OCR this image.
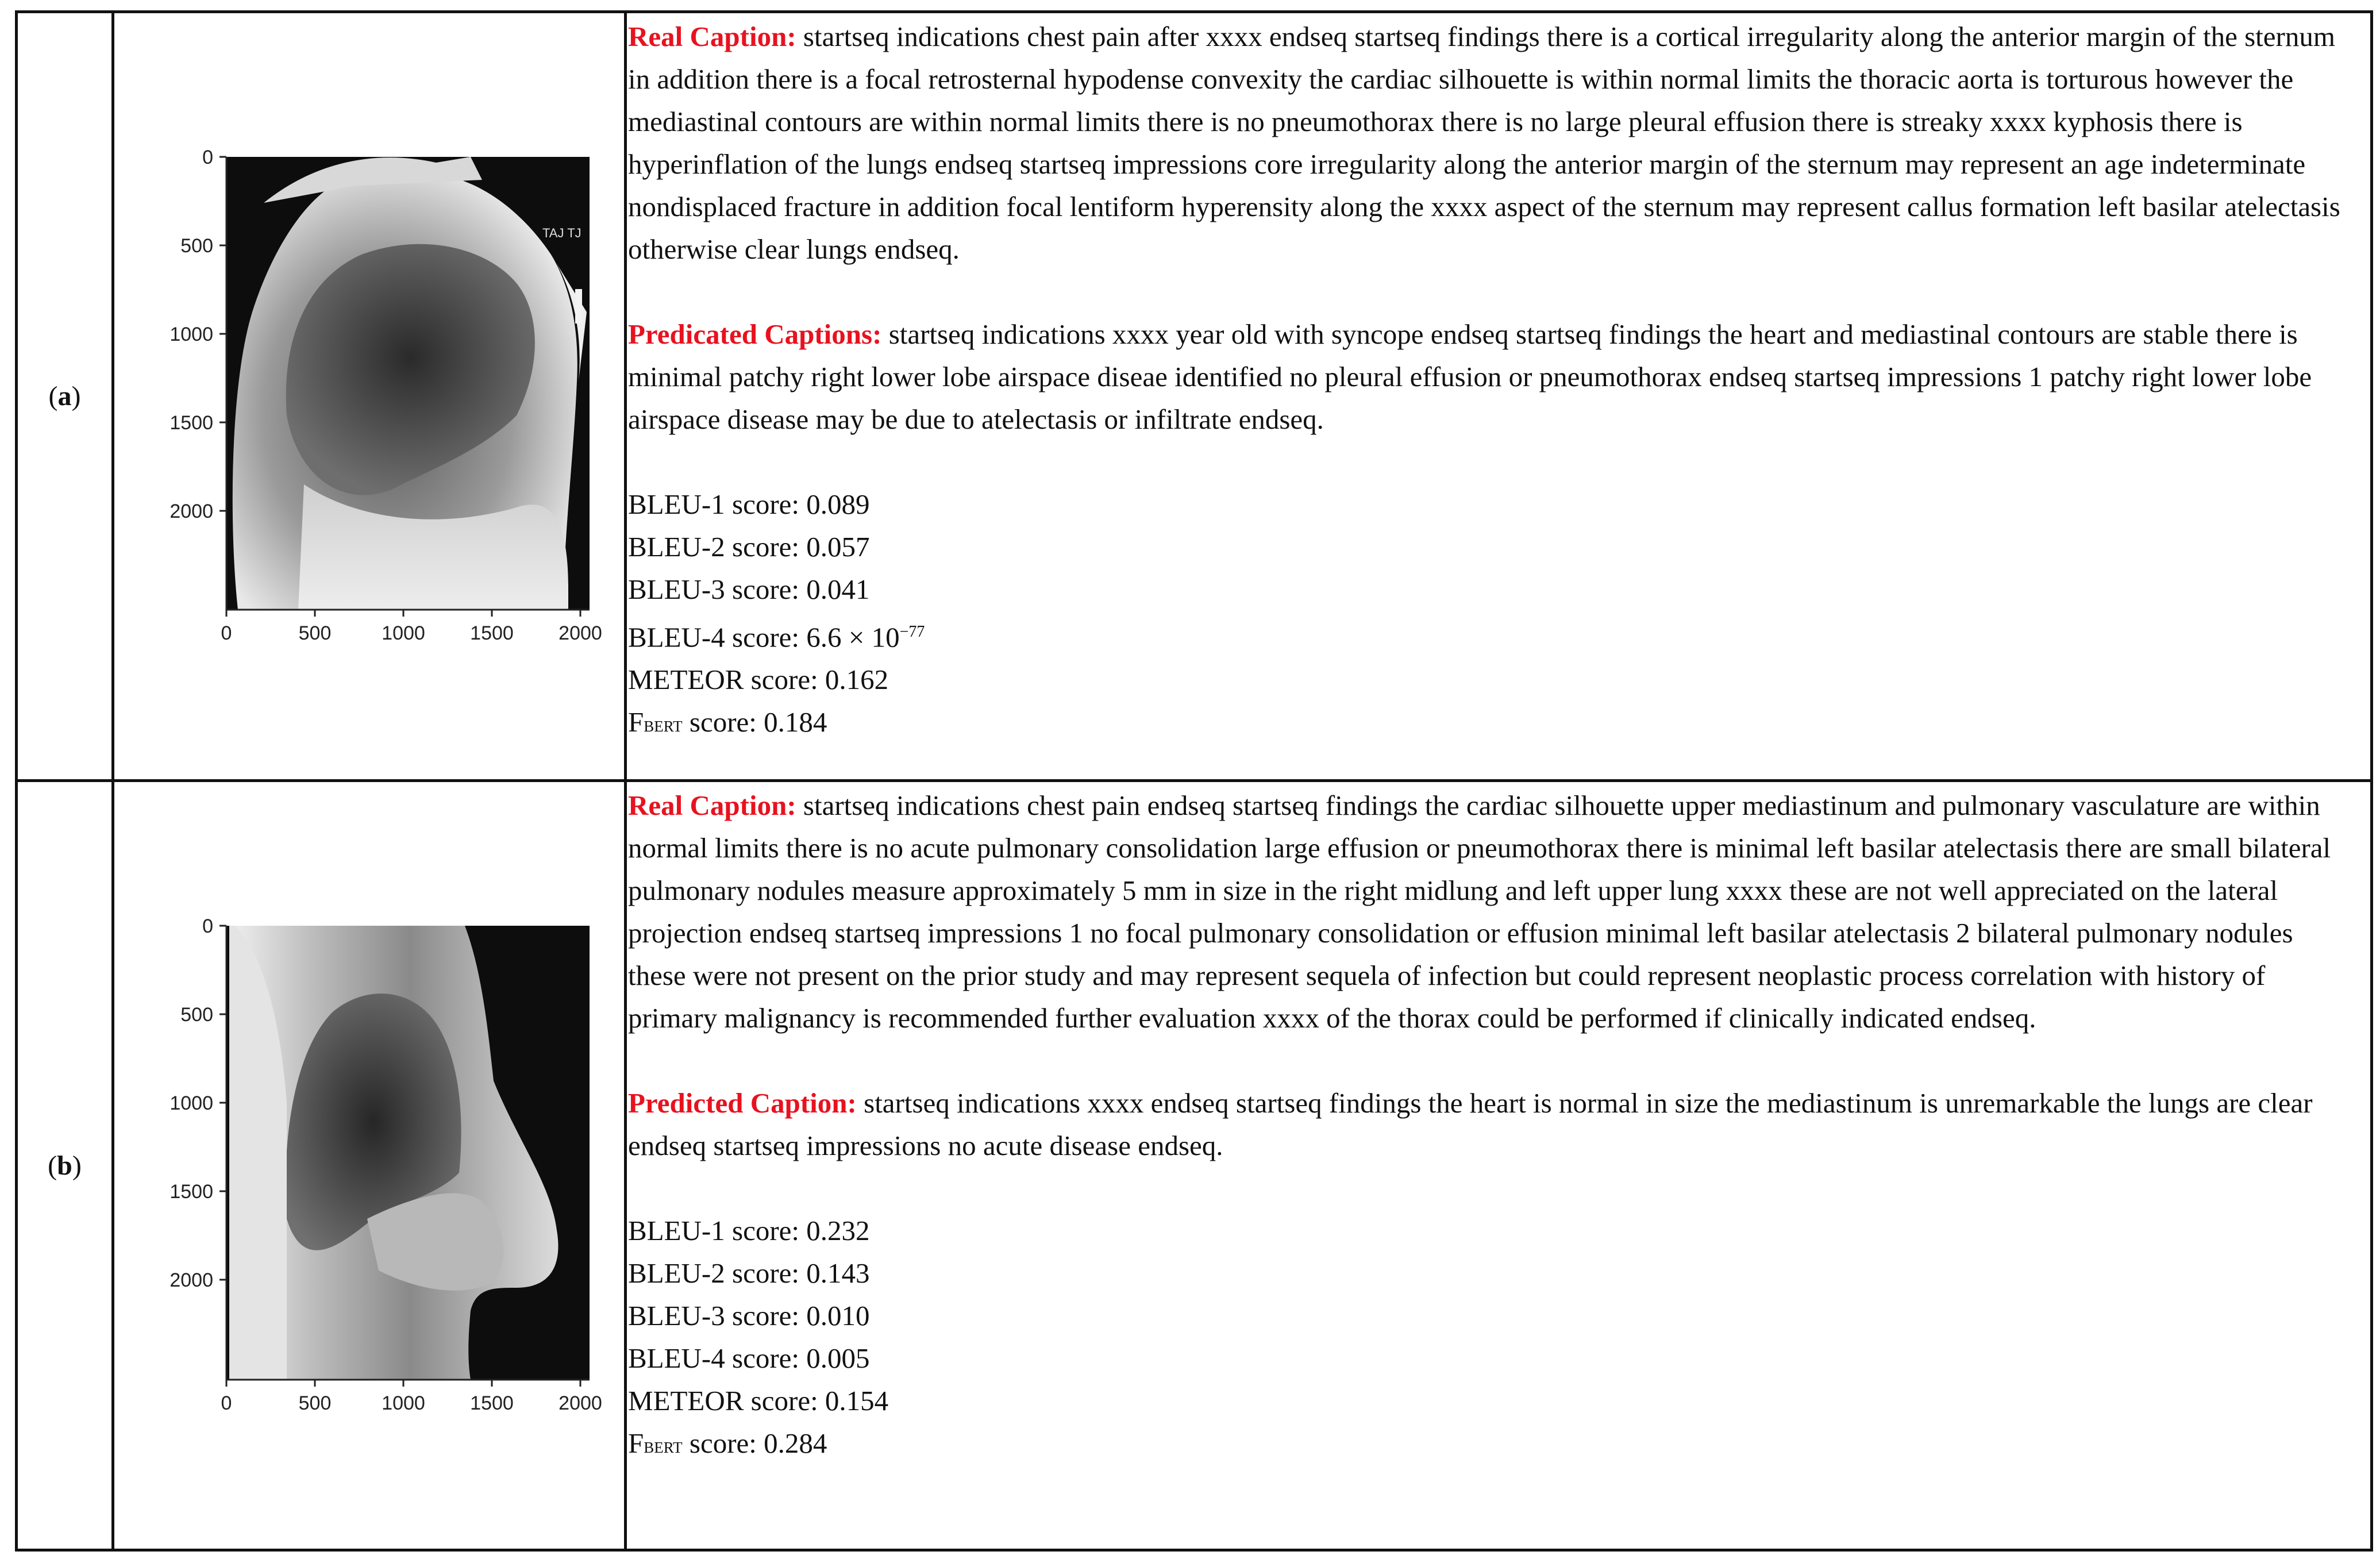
( a )
TAJ TJ
0
500
1000
1500
2000
0	500	1000 1500 2000

Real Caption: startseq indications chest pain after xxxx endseq startseq findings there is a cortical irregularity along the anterior margin of the sternum in addition there is a focal retrosternal hypodense convexity the cardiac silhouette is within normal limits the thoracic aorta is torturous however the mediastinal contours are within normal limits there is no pneumothorax there is no large pleural effusion there is streaky xxxx kyphosis there is hyperinflation of the lungs endseq startseq impressions core irregularity along the anterior margin of the sternum may represent an age indeterminate nondisplaced fracture in addition focal lentiform hyperensity along the xxxx aspect of the sternum may represent callus formation left basilar atelectasis otherwise clear lungs endseq.

Predicated Captions: startseq indications xxxx year old with syncope endseq startseq findings the heart and mediastinal contours are stable there is minimal patchy right lower lobe airspace diseae identified no pleural effusion or pneumothorax endseq startseq impressions 1 patchy right lower lobe airspace disease may be due to atelectasis or infiltrate endseq.

BLEU-1 score: 0.089

BLEU-2 score: 0.057

BLEU-3 score: 0.041

BLEU-4 score: $6.6 \times 10^{-77}$

METEOR score: 0.162

Fbert score: 0.184

( b )
0
500
1000
1500
2000
0	500	1000 1500 2000

Real Caption: startseq indications chest pain endseq startseq findings the cardiac silhouette upper mediastinum and pulmonary vasculature are within normal limits there is no acute pulmonary consolidation large effusion or pneumothorax there is minimal left basilar atelectasis there are small bilateral pulmonary nodules measure approximately 5 mm in size in the right midlung and left upper lung xxxx these are not well appreciated on the lateral projection endseq startseq impressions 1 no focal pulmonary consolidation or effusion minimal left basilar atelectasis 2 bilateral pulmonary nodules these were not present on the prior study and may represent sequela of infection but could represent neoplastic process correlation with history of primary malignancy is recommended further evaluation xxxx of the thorax could be performed if clinically indicated endseq.

Predicted Caption: startseq indications xxxx endseq startseq findings the heart is normal in size the mediastinum is unremarkable the lungs are clear endseq startseq impressions no acute disease endseq.

BLEU-1 score: 0.232

BLEU-2 score: 0.143

BLEU-3 score: 0.010

BLEU-4 score: 0.005

METEOR score: 0.154

Fbert score: 0.284
